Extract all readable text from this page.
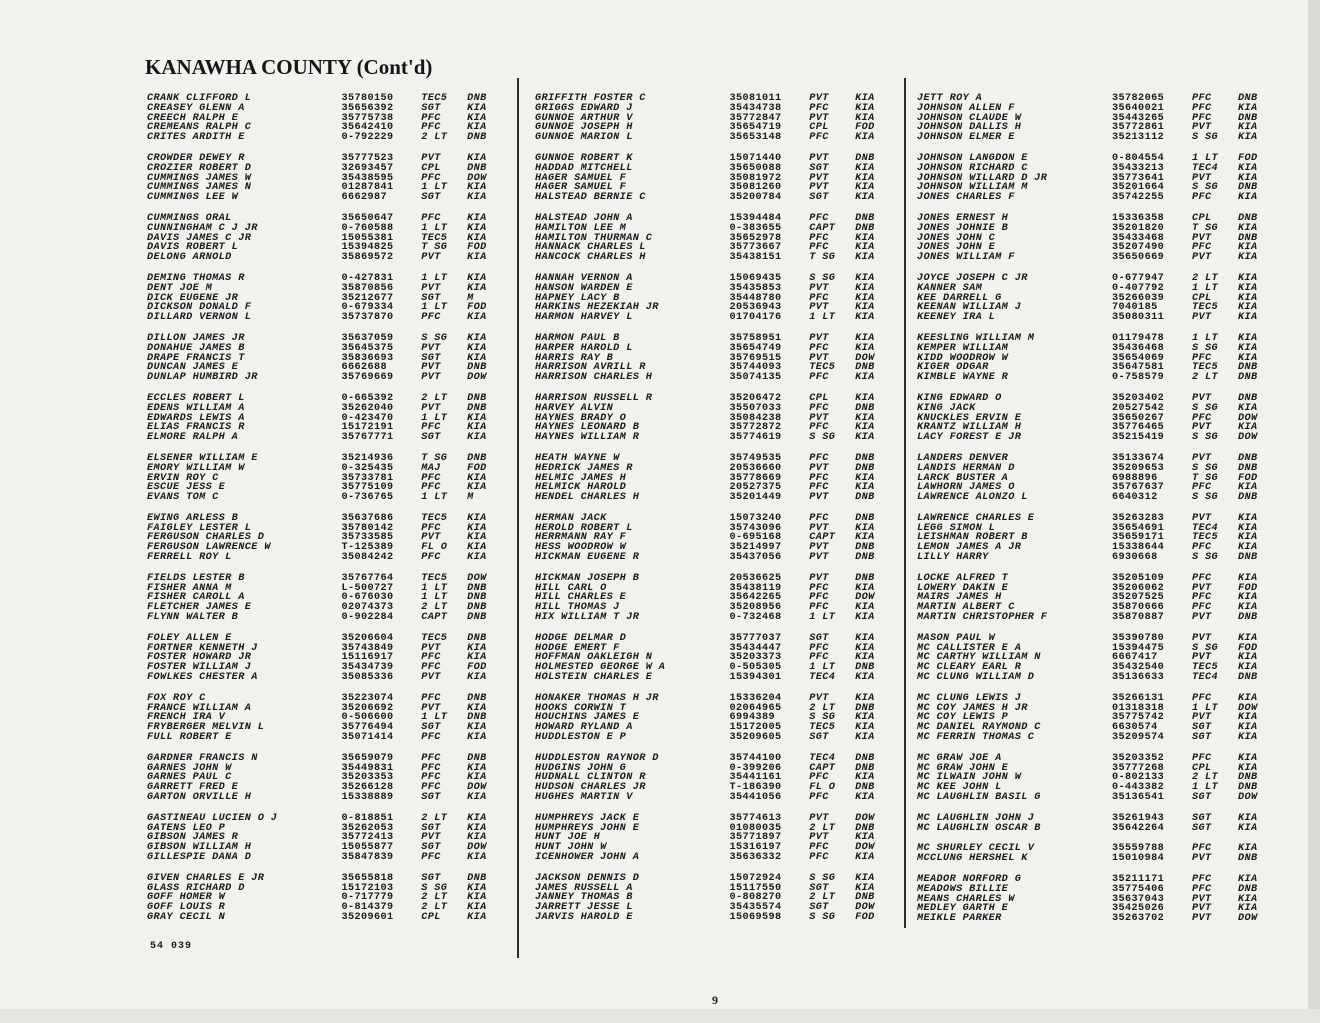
KANAWHA COUNTY (Cont'd)
CRANK CLIFFORD L	35780150	TEC5	DNB
CREASEY GLENN A	35656392	SGT	KIA
CREECH RALPH E	35775738	PFC	KIA
CREMEANS RALPH C	35642410	PFC	KIA
CRITES ARDITH E	0-792229	2 LT	DNB
CROWDER DEWEY R	35777523	PVT	KIA
CROZIER ROBERT D	32693457	CPL	DNB
CUMMINGS JAMES W	35438595	PFC	DOW
CUMMINGS JAMES N	01287841	1 LT	KIA
CUMMINGS LEE W	6662987	SGT	KIA
CUMMINGS ORAL	35650647	PFC	KIA
CUNNINGHAM C J JR	0-760588	1 LT	KIA
DAVIS JAMES C JR	15055381	TEC5	KIA
DAVIS ROBERT L	15394825	T SG	FOD
DELONG ARNOLD	35869572	PVT	KIA
DEMING THOMAS R	0-427831	1 LT	KIA
DENT JOE M	35870856	PVT	KIA
DICK EUGENE JR	35212677	SGT	M
DICKSON DONALD F	0-679334	1 LT	FOD
DILLARD VERNON L	35737870	PFC	KIA
DILLON JAMES JR	35637059	S SG	KIA
DONAHUE JAMES B	35645375	PVT	KIA
DRAPE FRANCIS T	35836693	SGT	KIA
DUNCAN JAMES E	6662688	PVT	DNB
DUNLAP HUMBIRD JR	35769669	PVT	DOW
ECCLES ROBERT L	0-665392	2 LT	DNB
EDENS WILLIAM A	35262040	PVT	DNB
EDWARDS LEWIS A	0-423470	1 LT	KIA
ELIAS FRANCIS R	15172191	PFC	KIA
ELMORE RALPH A	35767771	SGT	KIA
ELSENER WILLIAM E	35214936	T SG	DNB
EMORY WILLIAM W	0-325435	MAJ	FOD
ERVIN ROY C	35733781	PFC	KIA
ESCUE JESS E	35775109	PFC	KIA
EVANS TOM C	0-736765	1 LT	M
EWING ARLESS B	35637686	TEC5	KIA
FAIGLEY LESTER L	35780142	PFC	KIA
FERGUSON CHARLES D	35733585	PVT	KIA
FERGUSON LAWRENCE W	T-125389	FL O	KIA
FERRELL ROY L	35084242	PFC	KIA
FIELDS LESTER B	35767764	TEC5	DOW
FISHER ANNA M	L-500727	1 LT	DNB
FISHER CAROLL A	0-676030	1 LT	DNB
FLETCHER JAMES E	02074373	2 LT	DNB
FLYNN WALTER B	0-902284	CAPT	DNB
FOLEY ALLEN E	35206604	TEC5	DNB
FORTNER KENNETH J	35743849	PVT	KIA
FOSTER HOWARD JR	15116917	PFC	KIA
FOSTER WILLIAM J	35434739	PFC	FOD
FOWLKES CHESTER A	35085336	PVT	KIA
FOX ROY C	35223074	PFC	DNB
FRANCE WILLIAM A	35206692	PVT	KIA
FRENCH IRA V	0-506600	1 LT	DNB
FRYBERGER MELVIN L	35776494	SGT	KIA
FULL ROBERT E	35071414	PFC	KIA
GARDNER FRANCIS N	35659079	PFC	DNB
GARNES JOHN W	35449831	PFC	KIA
GARNES PAUL C	35203353	PFC	KIA
GARRETT FRED E	35266128	PFC	DOW
GARTON ORVILLE H	15338889	SGT	KIA
GASTINEAU LUCIEN O J	0-818851	2 LT	KIA
GATENS LEO P	35262053	SGT	KIA
GIBSON JAMES R	35772413	PVT	KIA
GIBSON WILLIAM H	15055877	SGT	DOW
GILLESPIE DANA D	35847839	PFC	KIA
GIVEN CHARLES E JR	35655818	SGT	DNB
GLASS RICHARD D	15172103	S SG	KIA
GOFF HOMER W	0-717779	2 LT	KIA
GOFF LOUIS R	0-814379	2 LT	KIA
GRAY CECIL N	35209601	CPL	KIA
GRIFFITH FOSTER C	35081011	PVT	KIA
GRIGGS EDWARD J	35434738	PFC	KIA
GUNNOE ARTHUR V	35772847	PVT	KIA
GUNNOE JOSEPH H	35654719	CPL	FOD
GUNNOE MARION L	35653148	PFC	KIA
GUNNOE ROBERT K	15071440	PVT	DNB
HADDAD MITCHELL	35650088	SGT	KIA
HAGER SAMUEL F	35081972	PVT	KIA
HAGER SAMUEL F	35081260	PVT	KIA
HALSTEAD BERNIE C	35200784	SGT	KIA
HALSTEAD JOHN A	15394484	PFC	DNB
HAMILTON LEE M	0-383655	CAPT	DNB
HAMILTON THURMAN C	35652978	PFC	KIA
HANNACK CHARLES L	35773667	PFC	KIA
HANCOCK CHARLES H	35438151	T SG	KIA
HANNAH VERNON A	15069435	S SG	KIA
HANSON WARDEN E	35435853	PVT	KIA
HAPNEY LACY B	35448780	PFC	KIA
HARKINS HEZEKIAH JR	20536943	PVT	KIA
HARMON HARVEY L	01704176	1 LT	KIA
HARMON PAUL B	35758951	PVT	KIA
HARPER HAROLD L	35654749	PFC	KIA
HARRIS RAY B	35769515	PVT	DOW
HARRISON AVRILL R	35744093	TEC5	DNB
HARRISON CHARLES H	35074135	PFC	KIA
HARRISON RUSSELL R	35206472	CPL	KIA
HARVEY ALVIN	35507033	PFC	DNB
HAYNES BRADY O	35084238	PVT	KIA
HAYNES LEONARD B	35772872	PFC	KIA
HAYNES WILLIAM R	35774619	S SG	KIA
HEATH WAYNE W	35749535	PFC	DNB
HEDRICK JAMES R	20536660	PVT	DNB
HELMIC JAMES H	35778669	PFC	KIA
HELMICK HAROLD	20527375	PFC	KIA
HENDEL CHARLES H	35201449	PVT	DNB
HERMAN JACK	15073240	PFC	DNB
HEROLD ROBERT L	35743096	PVT	KIA
HERRMANN RAY F	0-695168	CAPT	KIA
HESS WOODROW W	35214997	PVT	DNB
HICKMAN EUGENE R	35437056	PVT	DNB
HICKMAN JOSEPH B	20536625	PVT	DNB
HILL CARL O	35438119	PFC	KIA
HILL CHARLES E	35642265	PFC	DOW
HILL THOMAS J	35208956	PFC	KIA
HIX WILLIAM T JR	0-732468	1 LT	KIA
HODGE DELMAR D	35777037	SGT	KIA
HODGE EMERT F	35434447	PFC	KIA
HOFFMAN OAKLEIGH N	35203373	PFC	KIA
HOLMESTED GEORGE W A	0-505305	1 LT	DNB
HOLSTEIN CHARLES E	15394301	TEC4	KIA
HONAKER THOMAS H JR	15336204	PVT	KIA
HOOKS CORWIN T	02064965	2 LT	DNB
HOUCHINS JAMES E	6994389	S SG	KIA
HOWARD RYLAND A	15172005	TEC5	KIA
HUDDLESTON E P	35209605	SGT	KIA
HUDDLESTON RAYNOR D	35744100	TEC4	DNB
HUDGINS JOHN G	0-399206	CAPT	DNB
HUDNALL CLINTON R	35441161	PFC	KIA
HUDSON CHARLES JR	T-186390	FL O	DNB
HUGHES MARTIN V	35441056	PFC	KIA
HUMPHREYS JACK E	35774613	PVT	DOW
HUMPHREYS JOHN E	01080035	2 LT	DNB
HUNT JOE H	35771897	PVT	KIA
HUNT JOHN W	15316197	PFC	DOW
ICENHOWER JOHN A	35636332	PFC	KIA
JACKSON DENNIS D	15072924	S SG	KIA
JAMES RUSSELL A	15117550	SGT	KIA
JANNEY THOMAS B	0-808270	2 LT	DNB
JARRETT JESSE L	35435574	SGT	DOW
JARVIS HAROLD E	15069598	S SG	FOD
JETT ROY A	35782065	PFC	DNB
JOHNSON ALLEN F	35640021	PFC	KIA
JOHNSON CLAUDE W	35443265	PFC	DNB
JOHNSON DALLIS H	35772861	PVT	KIA
JOHNSON ELMER E	35213112	S SG	KIA
JOHNSON LANGDON E	0-804554	1 LT	FOD
JOHNSON RICHARD C	35433213	TEC4	KIA
JOHNSON WILLARD D JR	35773641	PVT	KIA
JOHNSON WILLIAM M	35201664	S SG	DNB
JONES CHARLES F	35742255	PFC	KIA
JONES ERNEST H	15336358	CPL	DNB
JONES JOHNIE B	35201820	T SG	KIA
JONES JOHN C	35433468	PVT	DNB
JONES JOHN E	35207490	PFC	KIA
JONES WILLIAM F	35650669	PVT	KIA
JOYCE JOSEPH C JR	0-677947	2 LT	KIA
KANNER SAM	0-407792	1 LT	KIA
KEE DARRELL G	35266039	CPL	KIA
KEENAN WILLIAM J	7040185	TEC5	KIA
KEENEY IRA L	35080311	PVT	KIA
KEESLING WILLIAM M	01179478	1 LT	KIA
KEMPER WILLIAM	35436468	S SG	KIA
KIDD WOODROW W	35654069	PFC	KIA
KIGER ODGAR	35647581	TEC5	DNB
KIMBLE WAYNE R	0-758579	2 LT	DNB
KING EDWARD O	35203402	PVT	DNB
KING JACK	20527542	S SG	KIA
KNUCKLES ERVIN E	35650267	PFC	DOW
KRANTZ WILLIAM H	35776465	PVT	KIA
LACY FOREST E JR	35215419	S SG	DOW
LANDERS DENVER	35133674	PVT	DNB
LANDIS HERMAN D	35209653	S SG	DNB
LARCK BUSTER A	6988896	T SG	FOD
LAWHORN JAMES O	35767637	PFC	KIA
LAWRENCE ALONZO L	6640312	S SG	DNB
LAWRENCE CHARLES E	35263283	PVT	KIA
LEGG SIMON L	35654691	TEC4	KIA
LEISHMAN ROBERT B	35659171	TEC5	KIA
LEMON JAMES A JR	15338644	PFC	KIA
LILLY HARRY	6930668	S SG	DNB
LOCKE ALFRED T	35205109	PFC	KIA
LOWERY DAKIN E	35206062	PVT	FOD
MAIRS JAMES H	35207525	PFC	KIA
MARTIN ALBERT C	35870666	PFC	KIA
MARTIN CHRISTOPHER F	35870887	PVT	DNB
MASON PAUL W	35390780	PVT	KIA
MC CALLISTER E A	15394475	S SG	FOD
MC CARTHY WILLIAM N	6667417	PVT	KIA
MC CLEARY EARL R	35432540	TEC5	KIA
MC CLUNG WILLIAM D	35136633	TEC4	DNB
MC CLUNG LEWIS J	35266131	PFC	KIA
MC COY JAMES H JR	01318318	1 LT	DOW
MC COY LEWIS P	35775742	PVT	KIA
MC DANIEL RAYMOND C	6630574	SGT	KIA
MC FERRIN THOMAS C	35209574	SGT	KIA
MC GRAW JOE A	35203352	PFC	KIA
MC GRAW JOHN E	35777268	CPL	KIA
MC ILWAIN JOHN W	0-802133	2 LT	DNB
MC KEE JOHN L	0-443382	1 LT	DNB
MC LAUGHLIN BASIL G	35136541	SGT	DOW
MC LAUGHLIN JOHN J	35261943	SGT	KIA
MC LAUGHLIN OSCAR B	35642264	SGT	KIA
MC SHURLEY CECIL V	35559788	PFC	KIA
MCCLUNG HERSHEL K	15010984	PVT	DNB
MEADOR NORFORD G	35211171	PFC	KIA
MEADOWS BILLIE	35775406	PFC	DNB
MEANS CHARLES W	35637043	PVT	KIA
MEDLEY GARTH E	35425026	PVT	KIA
MEIKLE PARKER	35263702	PVT	DOW
54 039
9
